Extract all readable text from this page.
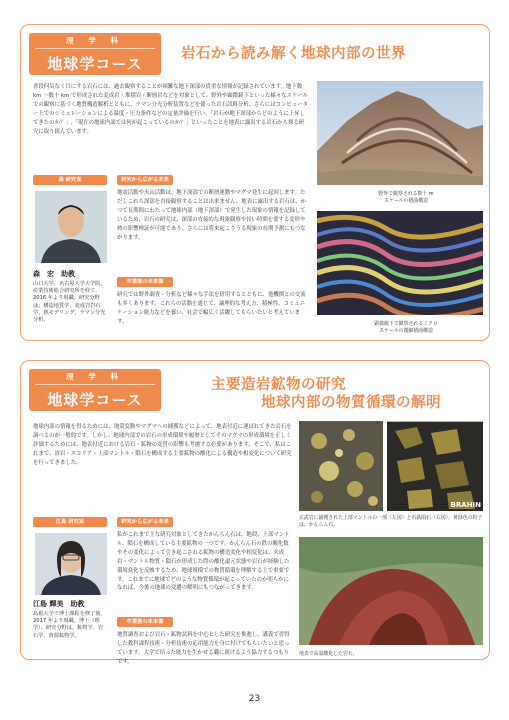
理 学 科
地球学コース
岩石から読み解く地球内部の世界

普段何気なく目にする岩石には、過去観察することが困難な地下深部の貴重な情報が記録されています。地下数 km ～数十 km で形成された変成岩・堆積岩・断層岩などを対象として、野外や顕微鏡下といった様々なスケールでの観察に基づく地質構造解析とともに、ラマン分光分析装置などを使った岩石試料分析、さらにはコンピューター上でのシミュレーションによる温度・圧力条件などの定量評価を行い、「岩石が地下深部からどのように上昇してきたのか？」,「現在の地球内部では何が起こっているのか？」といったことを地表に露出する岩石から探る研究に取り組んでいます。

野外で観察される数十 m
スケールの褶曲構造
顕微鏡下で観察されるミクロ
スケールの微細褶曲構造
森 研究室
森　宏　助教

山口大学、名古屋大学大学院、産業技術総合研究所を経て、2016 年より現職。研究分野は、構造地質学、変成岩岩石学、熱モデリング、ラマン分光分析。

研究から広がる未来

地震活動や火山活動は、地下深部での断層運動やマグマ発生に起因します。ただしこれら深部を直接観察することは出来ません。地表に露出する岩石は、かつて長期間にわたって地球内部（地下深部）で発生した現象の情報を記録しているため、岩石の研究は、深部の直接的な現象観察や長い時間を要する変形や熱の影響検証が可能であり、さらには将来起こりうる現象の長期予測にもつながります。

卒業後の未来像

研究では野外調査・分析など様々な手法を併用するとともに、他機関との交流も多くあります。これらの活動を通じて、論理的な考え方、積極性、コミュニケーション能力などを養い、社会で幅広く活躍してもらいたいと考えています。

理 学 科
地球学コース
主要造岩鉱物の研究
地球内部の物質循環の解明

地球内部の情報を得るためには、地殻変動やマグマへの捕獲などによって、地表付近に運ばれてきた岩石を調べるのが一般的です。しかし、地球内部での岩石の形成環境や履歴としてそのマグマの形成環境を正しく評価するためには、地表付近における岩石・鉱物の変質の影響も考慮する必要があります。そこで、私はこれまで、溶岩・スコリア・上部マントル・隕石を構成する主要鉱物の酸化による構造や相変化について研究を行ってきました。

BRAHIN
玄武岩に捕獲された上部マントルの一部（左図）と石鉄隕石（右図）。黄緑色の粒子は、かんらん石。
地表で高温酸化した岩石。
江島 研究室
江島 輝美　助教

島根大学で博士課程を修了後、2017 年より現職。博士（理学）。研究分野は、鉱物学、岩石学、資源鉱物学。

研究から広がる未来

私がこれまで主な研究対象としてきたかんらん石は、地殻、上部マントル、隕石を構成している主要鉱物の一つです。かんらん石の鉄の酸化数やその変化によって引き起こされる鉱物の構造変化や相変化は、火成岩・マントル物質・隕石が形成した際の酸化還元状態や岩石が経験した環境変化を反映するため、地球規模での物質循環を理解する上で重要です。これまでに地球でどのような物質循環が起こっていたのか明らかになれば、今後の地球の変遷の解明にもつながってきます。

卒業後の未来像

地質調査および岩石・鉱物試料を中心とした研究を推進し、講義で習得した教科課程技術・分析技術の応用能力を身に付けてもらいたいと思っています。大学で培った能力を生かせる職に就けるよう協力するつもりです。

23
